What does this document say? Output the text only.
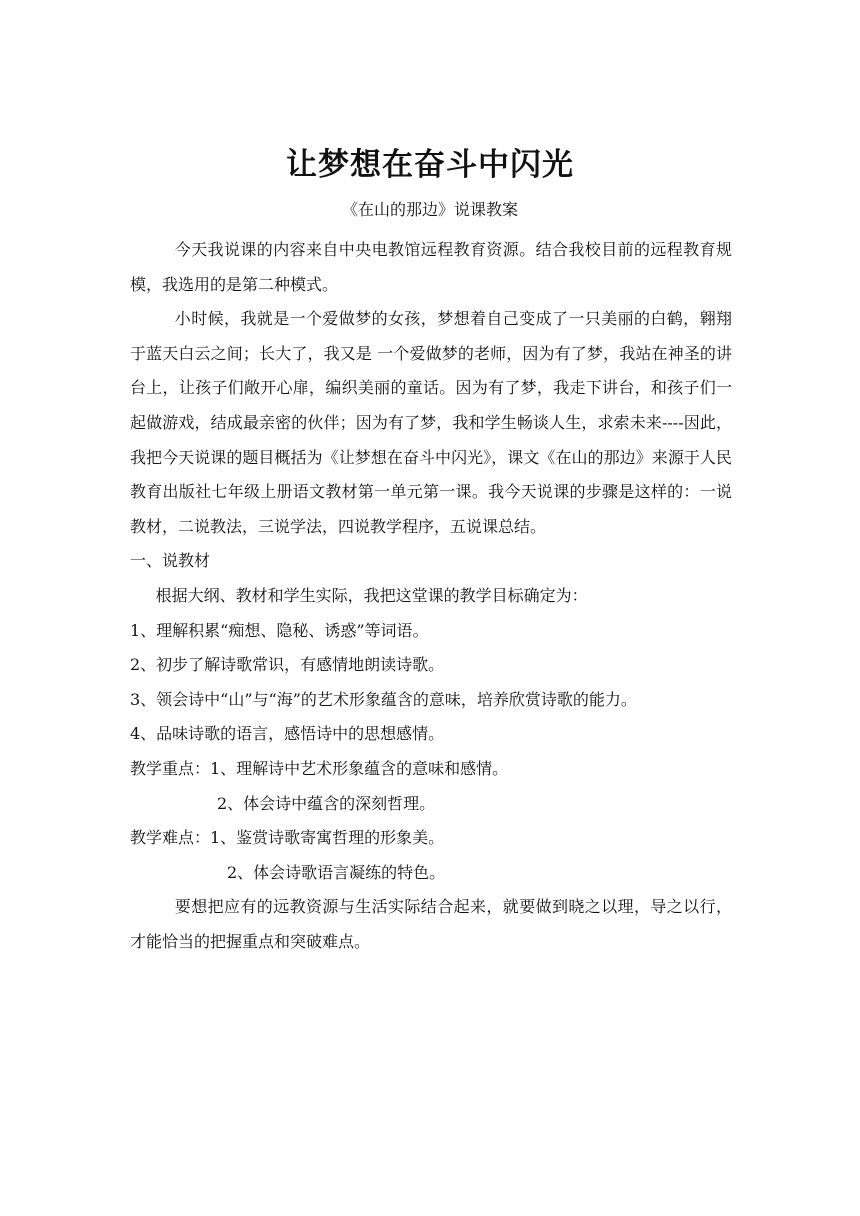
让梦想在奋斗中闪光
《在山的那边》说课教案

今天我说课的内容来自中央电教馆远程教育资源。结合我校目前的远程教育规模，我选用的是第二种模式。

小时候，我就是一个爱做梦的女孩，梦想着自己变成了一只美丽的白鹤，翱翔于蓝天白云之间；长大了，我又是 一个爱做梦的老师，因为有了梦，我站在神圣的讲台上，让孩子们敞开心扉，编织美丽的童话。因为有了梦，我走下讲台，和孩子们一起做游戏，结成最亲密的伙伴；因为有了梦，我和学生畅谈人生，求索未来----因此，我把今天说课的题目概括为《让梦想在奋斗中闪光》，课文《在山的那边》来源于人民教育出版社七年级上册语文教材第一单元第一课。我今天说课的步骤是这样的：一说教材，二说教法，三说学法，四说教学程序，五说课总结。

一、说教材

根据大纲、教材和学生实际，我把这堂课的教学目标确定为：

1、理解积累“痴想、隐秘、诱惑”等词语。

2、初步了解诗歌常识，有感情地朗读诗歌。

3、领会诗中“山”与“海”的艺术形象蕴含的意味，培养欣赏诗歌的能力。

4、品味诗歌的语言，感悟诗中的思想感情。

教学重点：1、理解诗中艺术形象蕴含的意味和感情。

2、体会诗中蕴含的深刻哲理。

教学难点：1、鉴赏诗歌寄寓哲理的形象美。

2、体会诗歌语言凝练的特色。

要想把应有的远教资源与生活实际结合起来，就要做到晓之以理，导之以行，才能恰当的把握重点和突破难点。
